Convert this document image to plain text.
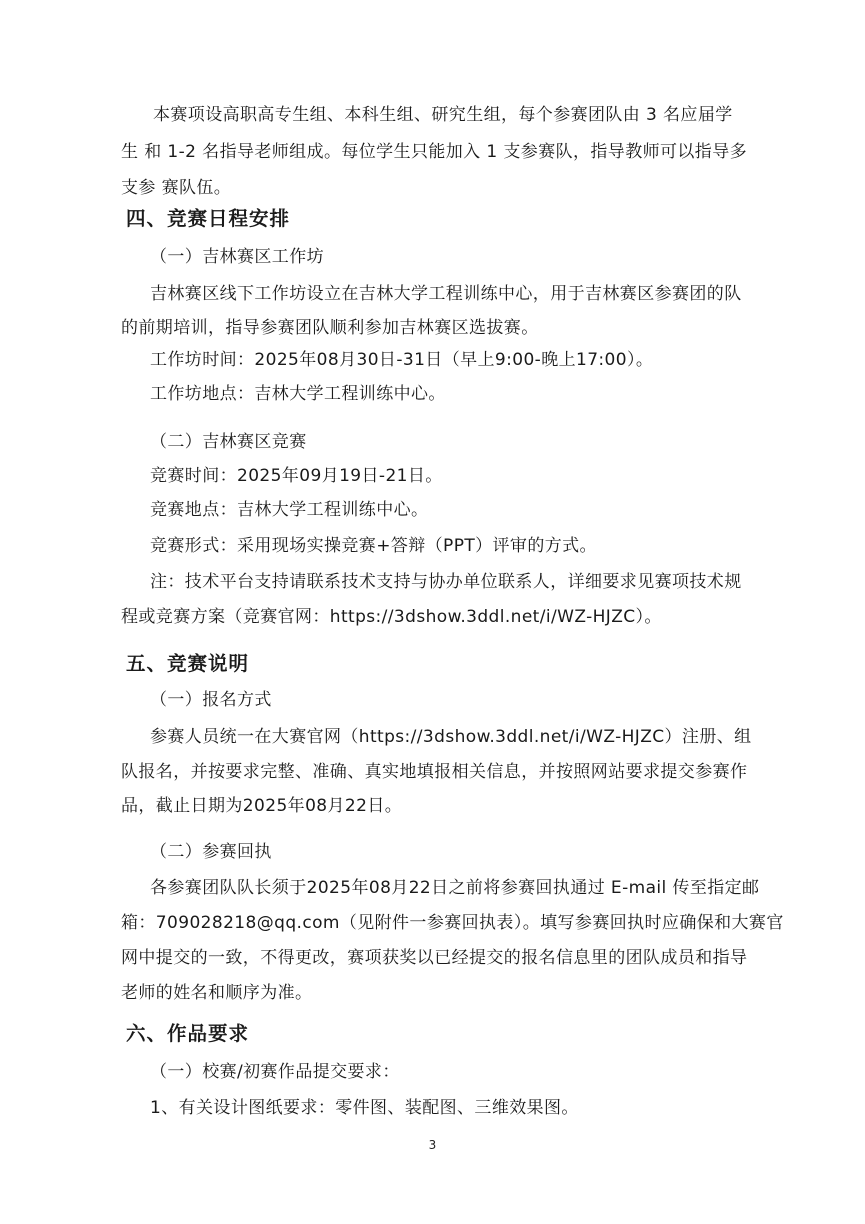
本赛项设高职高专生组、本科生组、研究生组，每个参赛团队由 3 名应届学
生 和 1-2 名指导老师组成。每位学生只能加入 1 支参赛队，指导教师可以指导多
支参 赛队伍。
四、竞赛日程安排
（一）吉林赛区工作坊
吉林赛区线下工作坊设立在吉林大学工程训练中心，用于吉林赛区参赛团的队
的前期培训，指导参赛团队顺利参加吉林赛区选拔赛。
工作坊时间：2025年08月30日-31日（早上9:00-晚上17:00）。
工作坊地点：吉林大学工程训练中心。
（二）吉林赛区竞赛
竞赛时间：2025年09月19日-21日。
竞赛地点：吉林大学工程训练中心。
竞赛形式：采用现场实操竞赛+答辩（PPT）评审的方式。
注：技术平台支持请联系技术支持与协办单位联系人，详细要求见赛项技术规
程或竞赛方案（竞赛官网：https://3dshow.3ddl.net/i/WZ-HJZC）。
五、竞赛说明
（一）报名方式
参赛人员统一在大赛官网（https://3dshow.3ddl.net/i/WZ-HJZC）注册、组
队报名，并按要求完整、准确、真实地填报相关信息，并按照网站要求提交参赛作
品，截止日期为2025年08月22日。
（二）参赛回执
各参赛团队队长须于2025年08月22日之前将参赛回执通过 E-mail 传至指定邮
箱：709028218@qq.com（见附件一参赛回执表）。填写参赛回执时应确保和大赛官
网中提交的一致，不得更改，赛项获奖以已经提交的报名信息里的团队成员和指导
老师的姓名和顺序为准。
六、作品要求
（一）校赛/初赛作品提交要求：
1、有关设计图纸要求：零件图、装配图、三维效果图。
3
